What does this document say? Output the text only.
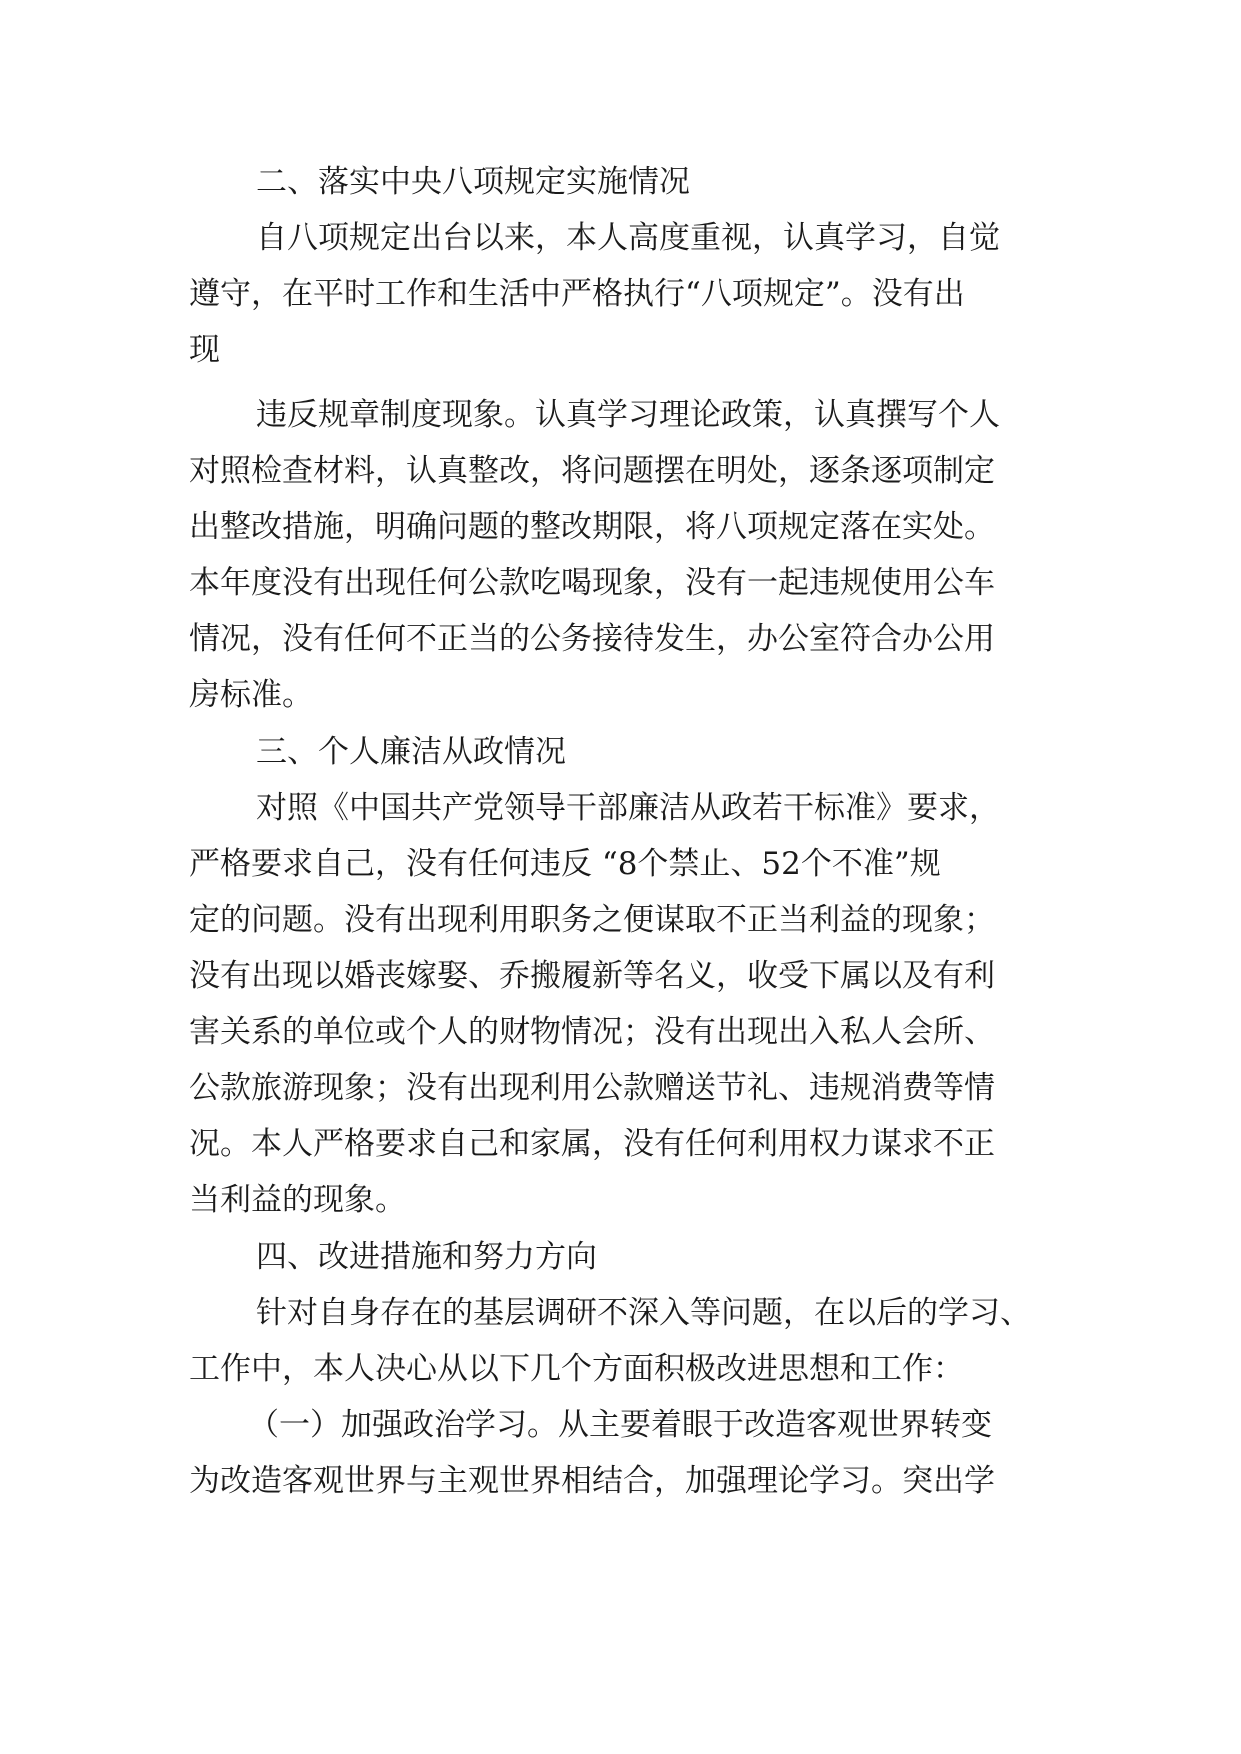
二、落实中央八项规定实施情况
自八项规定出台以来，本人高度重视，认真学习，自觉
遵守，在平时工作和生活中严格执行“八项规定”。没有出
现
违反规章制度现象。认真学习理论政策，认真撰写个人
对照检查材料，认真整改，将问题摆在明处，逐条逐项制定
出整改措施，明确问题的整改期限，将八项规定落在实处。
本年度没有出现任何公款吃喝现象，没有一起违规使用公车
情况，没有任何不正当的公务接待发生，办公室符合办公用
房标准。
三、个人廉洁从政情况
对照《中国共产党领导干部廉洁从政若干标准》要求，
严格要求自己，没有任何违反 “8个禁止、52个不准”规
定的问题。没有出现利用职务之便谋取不正当利益的现象；
没有出现以婚丧嫁娶、乔搬履新等名义，收受下属以及有利
害关系的单位或个人的财物情况；没有出现出入私人会所、
公款旅游现象；没有出现利用公款赠送节礼、违规消费等情
况。本人严格要求自己和家属，没有任何利用权力谋求不正
当利益的现象。
四、改进措施和努力方向
针对自身存在的基层调研不深入等问题，在以后的学习、
工作中，本人决心从以下几个方面积极改进思想和工作：
（一）加强政治学习。从主要着眼于改造客观世界转变
为改造客观世界与主观世界相结合，加强理论学习。突出学
